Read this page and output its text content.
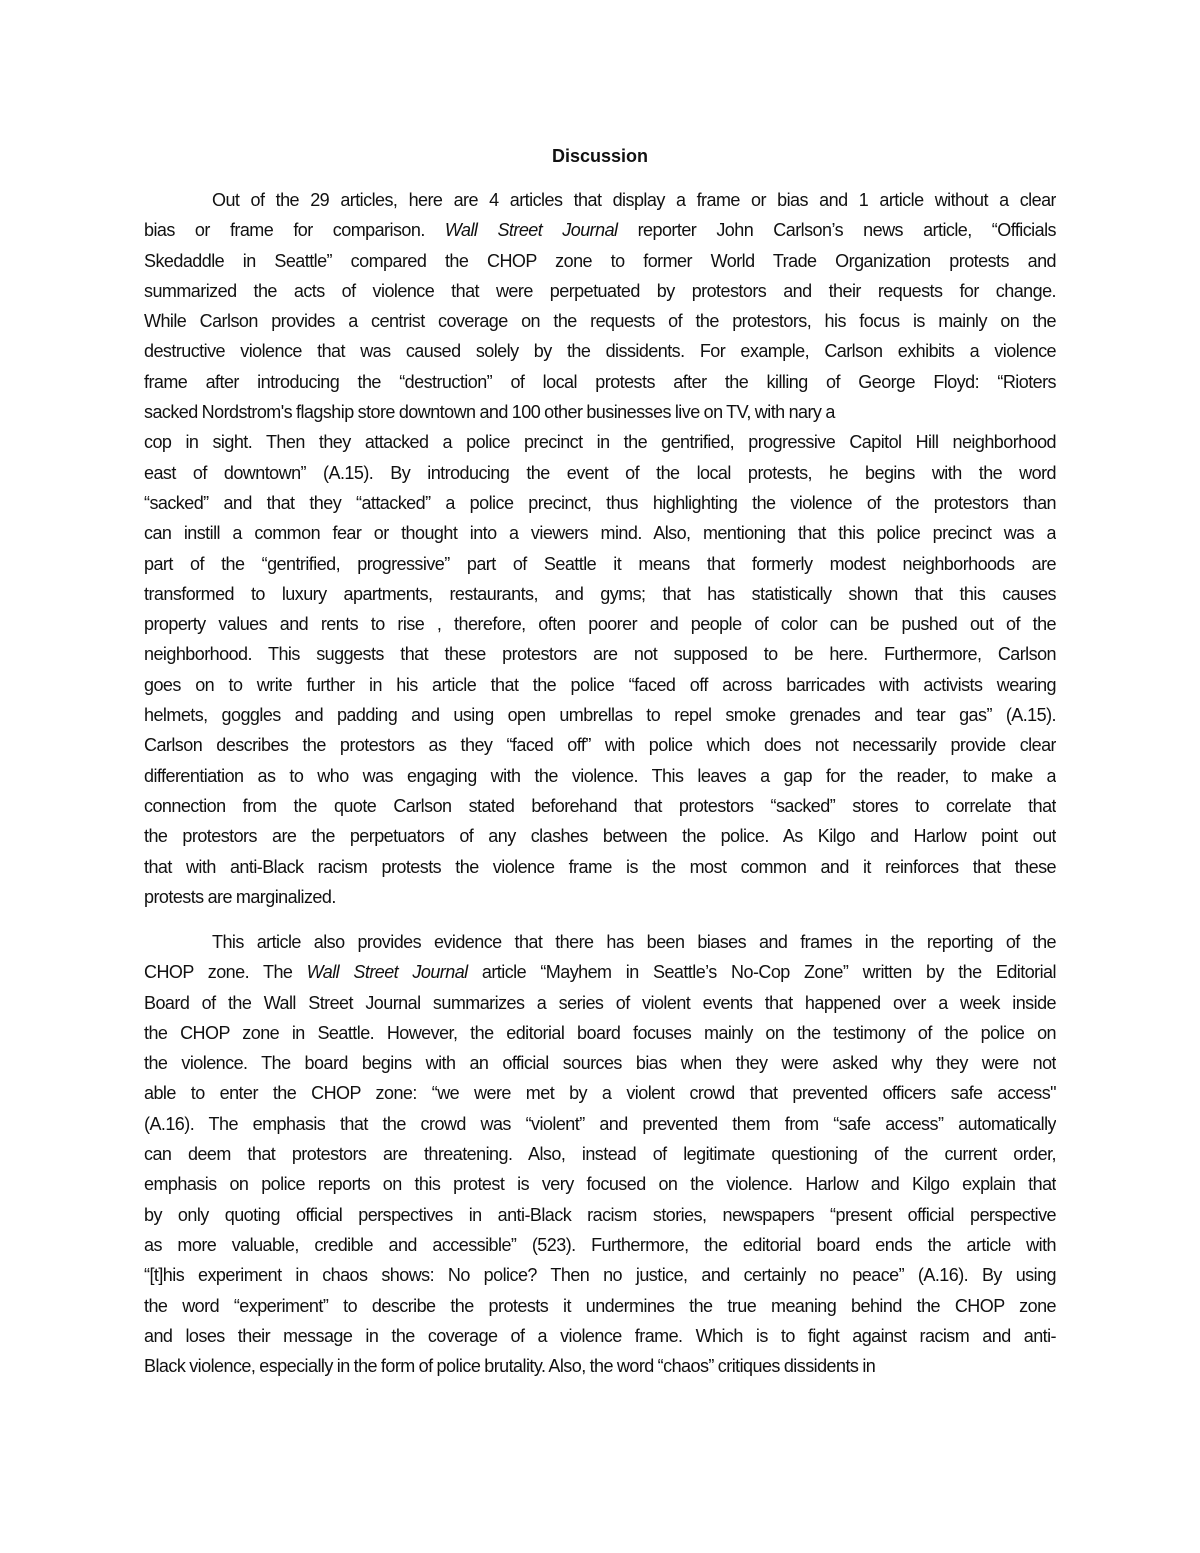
Discussion
Out of the 29 articles, here are 4 articles that display a frame or bias and 1 article without a clear
bias or frame for comparison. Wall Street Journal reporter John Carlson’s news article, “Officials
Skedaddle in Seattle” compared the CHOP zone to former World Trade Organization protests and
summarized the acts of violence that were perpetuated by protestors and their requests for change.
While Carlson provides a centrist coverage on the requests of the protestors, his focus is mainly on the
destructive violence that was caused solely by the dissidents. For example, Carlson exhibits a violence
frame after introducing the “destruction” of local protests after the killing of George Floyd: “Rioters
sacked Nordstrom's flagship store downtown and 100 other businesses live on TV, with nary a
cop in sight. Then they attacked a police precinct in the gentrified, progressive Capitol Hill neighborhood
east of downtown” (A.15). By introducing the event of the local protests, he begins with the word
“sacked” and that they “attacked” a police precinct, thus highlighting the violence of the protestors than
can instill a common fear or thought into a viewers mind. Also, mentioning that this police precinct was a
part of the “gentrified, progressive” part of Seattle it means that formerly modest neighborhoods are
transformed to luxury apartments, restaurants, and gyms; that has statistically shown that this causes
property values and rents to rise , therefore, often poorer and people of color can be pushed out of the
neighborhood. This suggests that these protestors are not supposed to be here. Furthermore, Carlson
goes on to write further in his article that the police “faced off across barricades with activists wearing
helmets, goggles and padding and using open umbrellas to repel smoke grenades and tear gas” (A.15).
Carlson describes the protestors as they “faced off” with police which does not necessarily provide clear
differentiation as to who was engaging with the violence. This leaves a gap for the reader, to make a
connection from the quote Carlson stated beforehand that protestors “sacked” stores to correlate that
the protestors are the perpetuators of any clashes between the police. As Kilgo and Harlow point out
that with anti-Black racism protests the violence frame is the most common and it reinforces that these
protests are marginalized.
This article also provides evidence that there has been biases and frames in the reporting of the
CHOP zone. The Wall Street Journal article “Mayhem in Seattle’s No-Cop Zone” written by the Editorial
Board of the Wall Street Journal summarizes a series of violent events that happened over a week inside
the CHOP zone in Seattle. However, the editorial board focuses mainly on the testimony of the police on
the violence. The board begins with an official sources bias when they were asked why they were not
able to enter the CHOP zone: “we were met by a violent crowd that prevented officers safe access"
(A.16). The emphasis that the crowd was “violent” and prevented them from “safe access” automatically
can deem that protestors are threatening. Also, instead of legitimate questioning of the current order,
emphasis on police reports on this protest is very focused on the violence. Harlow and Kilgo explain that
by only quoting official perspectives in anti-Black racism stories, newspapers “present official perspective
as more valuable, credible and accessible” (523). Furthermore, the editorial board ends the article with
“[t]his experiment in chaos shows: No police? Then no justice, and certainly no peace” (A.16). By using
the word “experiment” to describe the protests it undermines the true meaning behind the CHOP zone
and loses their message in the coverage of a violence frame. Which is to fight against racism and anti-
Black violence, especially in the form of police brutality. Also, the word “chaos” critiques dissidents in
